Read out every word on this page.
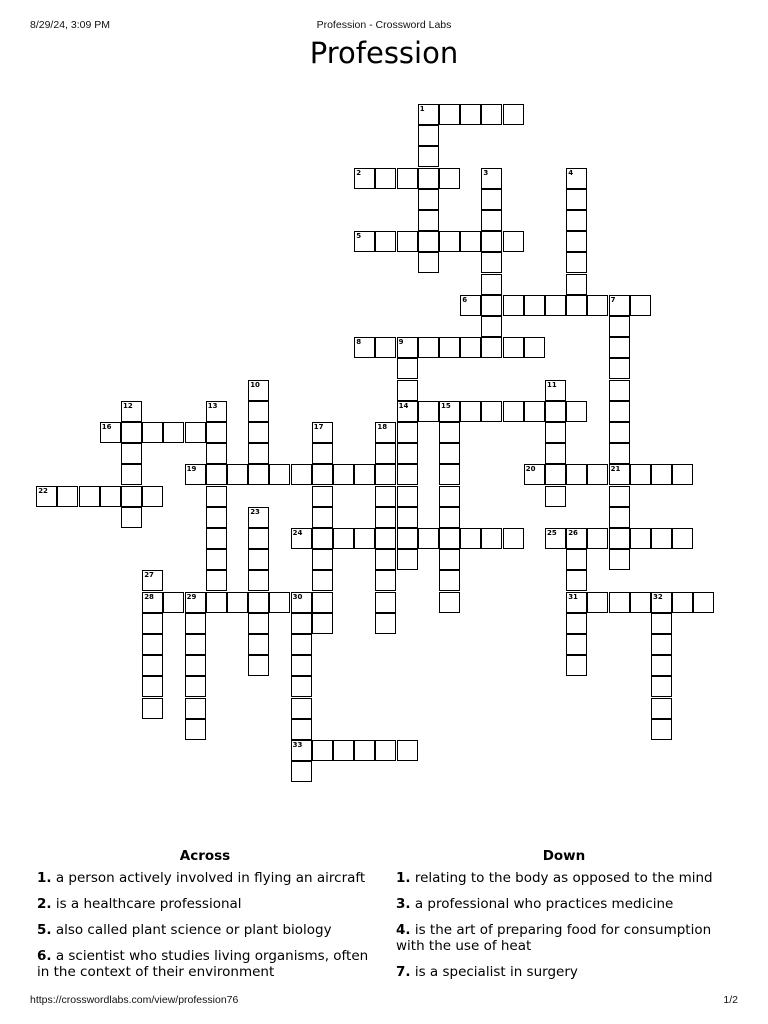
8/29/24, 3:09 PM	Profession - Crossword Labs
Profession
1
2	3	4
5
6	7
8	9
10	11
12	13	14	15
16	17	18
19	20	21
22
23
24	25 26
27
28	29	30	31	32
33
Across
1. a person actively involved in flying an aircraft
2. is a healthcare professional
5. also called plant science or plant biology
6. a scientist who studies living organisms, often in the context of their environment
Down
1. relating to the body as opposed to the mind
3. a professional who practices medicine
4. is the art of preparing food for consumption with the use of heat
7. is a specialist in surgery
https://crosswordlabs.com/view/profession76	1/2
